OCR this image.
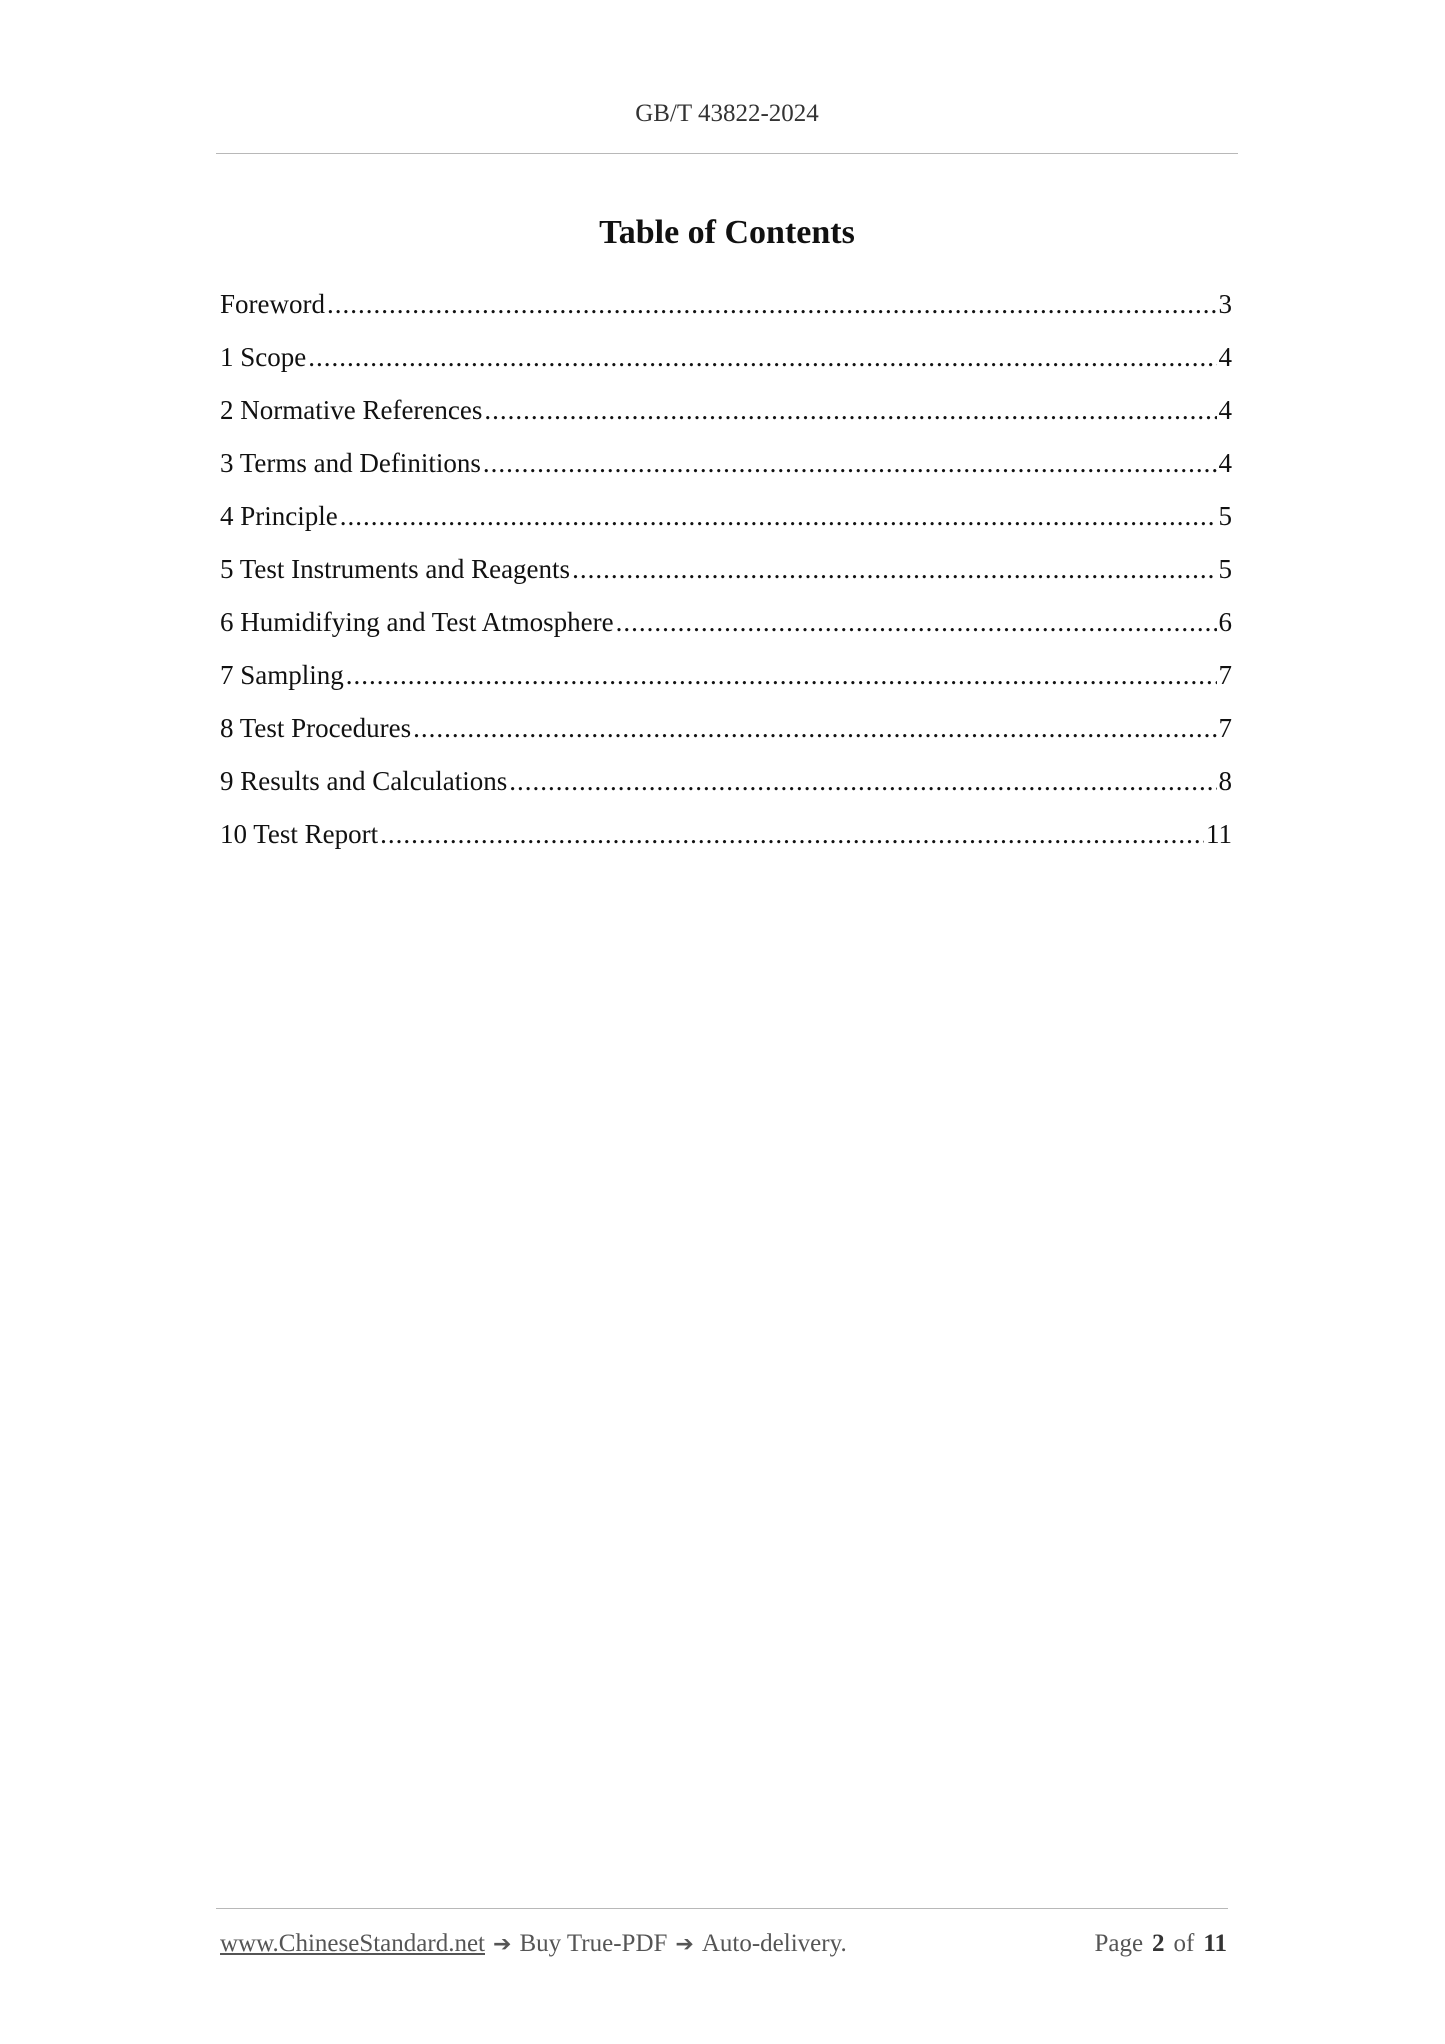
GB/T 43822-2024
Table of Contents
Foreword .....	3
1 Scope .....	4
2 Normative References .....	4
3 Terms and Definitions .....	4
4 Principle .....	5
5 Test Instruments and Reagents .....	5
6 Humidifying and Test Atmosphere .....	6
7 Sampling .....	7
8 Test Procedures .....	7
9 Results and Calculations .....	8
10 Test Report .....	11
www.ChineseStandard.net ➔ Buy True-PDF ➔ Auto-delivery.	Page 2 of 11
